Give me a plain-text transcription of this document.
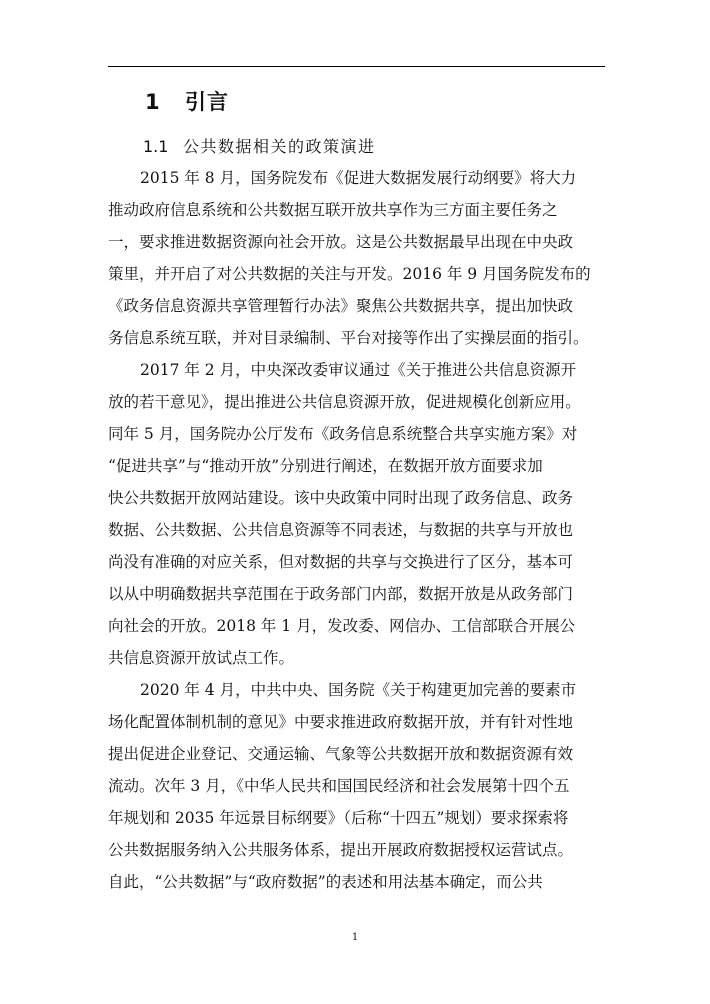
1 引言
1.1 公共数据相关的政策演进
2015 年 8 月，国务院发布《促进大数据发展行动纲要》将大力
推动政府信息系统和公共数据互联开放共享作为三方面主要任务之
一，要求推进数据资源向社会开放。这是公共数据最早出现在中央政
策里，并开启了对公共数据的关注与开发。2016 年 9 月国务院发布的
《政务信息资源共享管理暂行办法》聚焦公共数据共享，提出加快政
务信息系统互联，并对目录编制、平台对接等作出了实操层面的指引。
2017 年 2 月，中央深改委审议通过《关于推进公共信息资源开
放的若干意见》，提出推进公共信息资源开放，促进规模化创新应用。
同年 5 月，国务院办公厅发布《政务信息系统整合共享实施方案》对
“促进共享”与“推动开放”分别进行阐述，在数据开放方面要求加
快公共数据开放网站建设。该中央政策中同时出现了政务信息、政务
数据、公共数据、公共信息资源等不同表述，与数据的共享与开放也
尚没有准确的对应关系，但对数据的共享与交换进行了区分，基本可
以从中明确数据共享范围在于政务部门内部，数据开放是从政务部门
向社会的开放。2018 年 1 月，发改委、网信办、工信部联合开展公
共信息资源开放试点工作。
2020 年 4 月，中共中央、国务院《关于构建更加完善的要素市
场化配置体制机制的意见》中要求推进政府数据开放，并有针对性地
提出促进企业登记、交通运输、气象等公共数据开放和数据资源有效
流动。次年 3 月，《中华人民共和国国民经济和社会发展第十四个五
年规划和 2035 年远景目标纲要》（后称“十四五”规划）要求探索将
公共数据服务纳入公共服务体系，提出开展政府数据授权运营试点。
自此，“公共数据”与“政府数据”的表述和用法基本确定，而公共
1
